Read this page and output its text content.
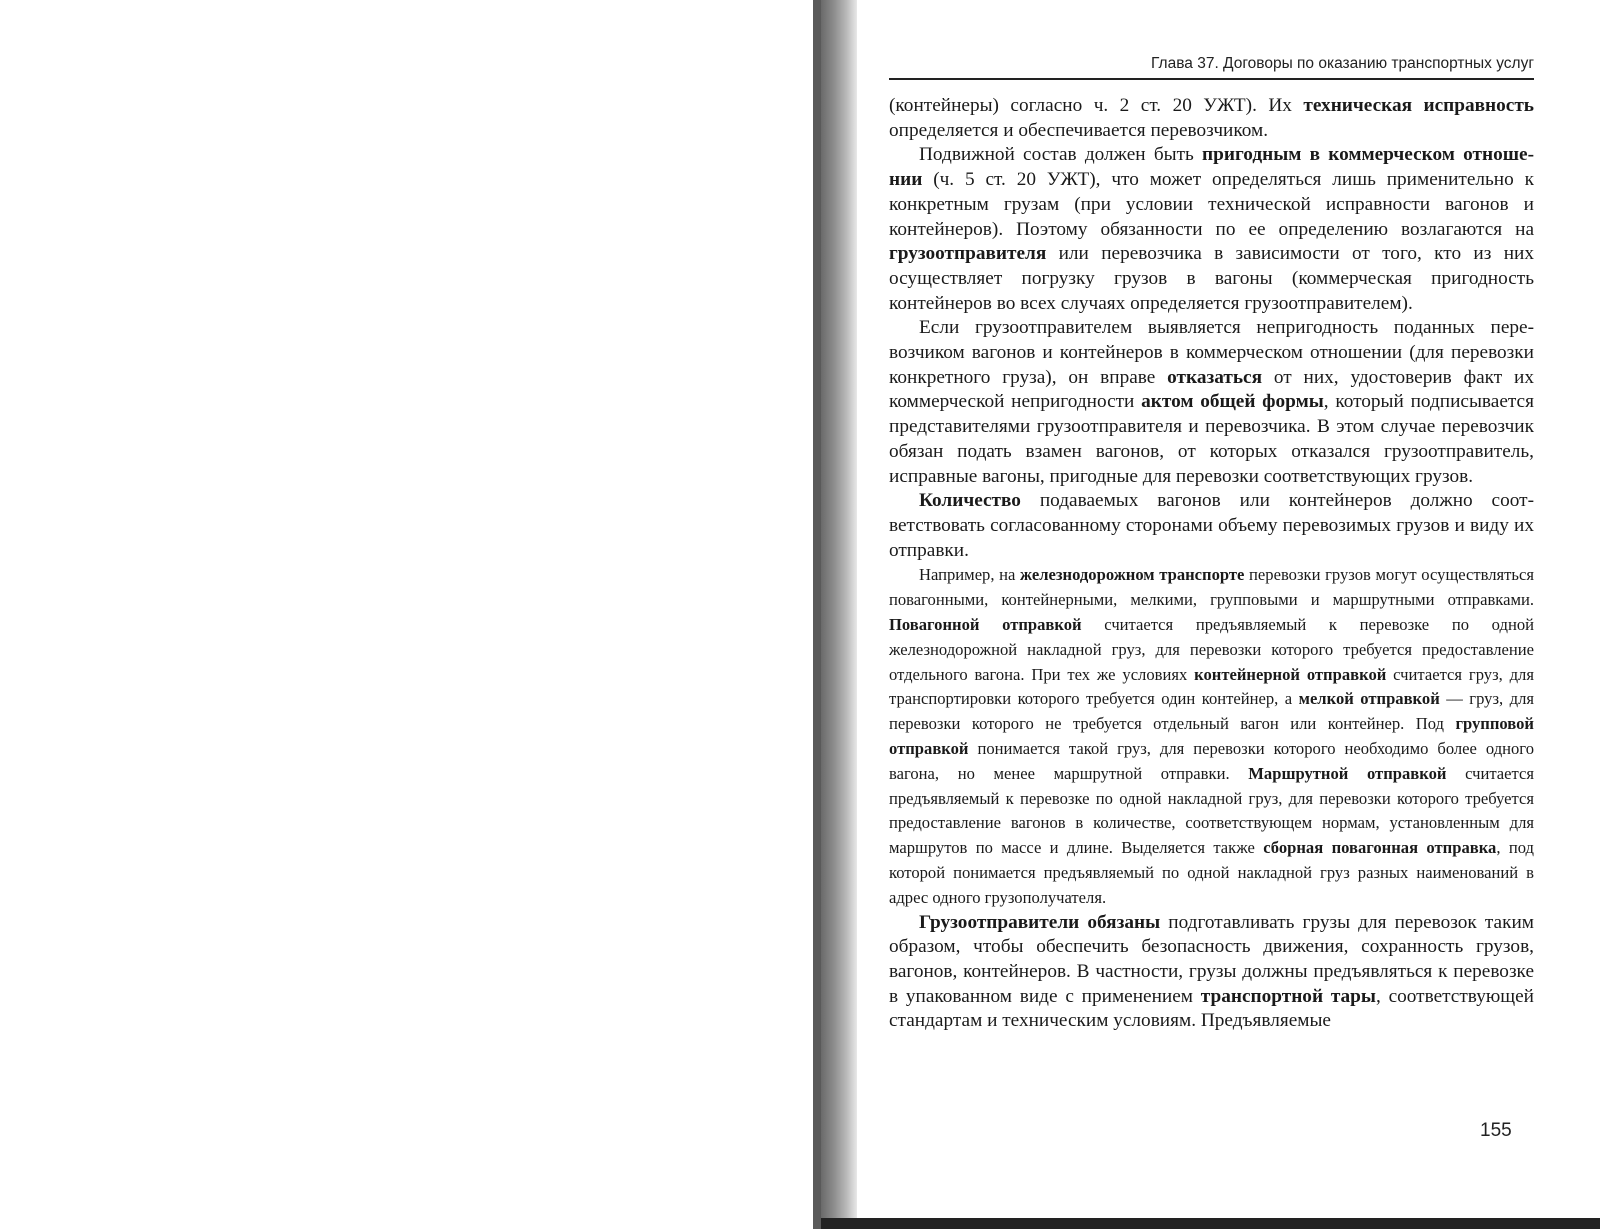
Глава 37. Договоры по оказанию транспортных услуг

(контейнеры) согласно ч. 2 ст. 20 УЖТ). Их техническая исправность определяется и обеспечивается перевозчиком.

Подвижной состав должен быть пригодным в коммерческом отношении (ч. 5 ст. 20 УЖТ), что может определяться лишь применительно к конкретным грузам (при условии технической исправности вагонов и контейнеров). Поэтому обязанности по ее определению возлагаются на грузоотправителя или перевозчика в зависимости от того, кто из них осуществляет погрузку грузов в вагоны (коммерческая пригодность контейнеров во всех случаях определяется грузоотправителем).

Если грузоотправителем выявляется непригодность поданных перевозчиком вагонов и контейнеров в коммерческом отношении (для перевозки конкретного груза), он вправе отказаться от них, удостоверив факт их коммерческой непригодности актом общей формы, который подписывается представителями грузоотправителя и перевозчика. В этом случае перевозчик обязан подать взамен вагонов, от которых отказался грузоотправитель, исправные вагоны, пригодные для перевозки соответствующих грузов.

Количество подаваемых вагонов или контейнеров должно соответствовать согласованному сторонами объему перевозимых грузов и виду их отправки.

Например, на железнодорожном транспорте перевозки грузов могут осуществляться повагонными, контейнерными, мелкими, групповыми и маршрутными отправками. Повагонной отправкой считается предъявляемый к перевозке по одной железнодорожной накладной груз, для перевозки которого требуется предоставление отдельного вагона. При тех же условиях контейнерной отправкой считается груз, для транспортировки которого требуется один контейнер, а мелкой отправкой — груз, для перевозки которого не требуется отдельный вагон или контейнер. Под групповой отправкой понимается такой груз, для перевозки которого необходимо более одного вагона, но менее маршрутной отправки. Маршрутной отправкой считается предъявляемый к перевозке по одной накладной груз, для перевозки которого требуется предоставление вагонов в количестве, соответствующем нормам, установленным для маршрутов по массе и длине. Выделяется также сборная повагонная отправка, под которой понимается предъявляемый по одной накладной груз разных наименований в адрес одного грузополучателя.

Грузоотправители обязаны подготавливать грузы для перевозок таким образом, чтобы обеспечить безопасность движения, сохранность грузов, вагонов, контейнеров. В частности, грузы должны предъявляться к перевозке в упакованном виде с применением транспортной тары, соответствующей стандартам и техническим условиям. Предъявляемые

155
